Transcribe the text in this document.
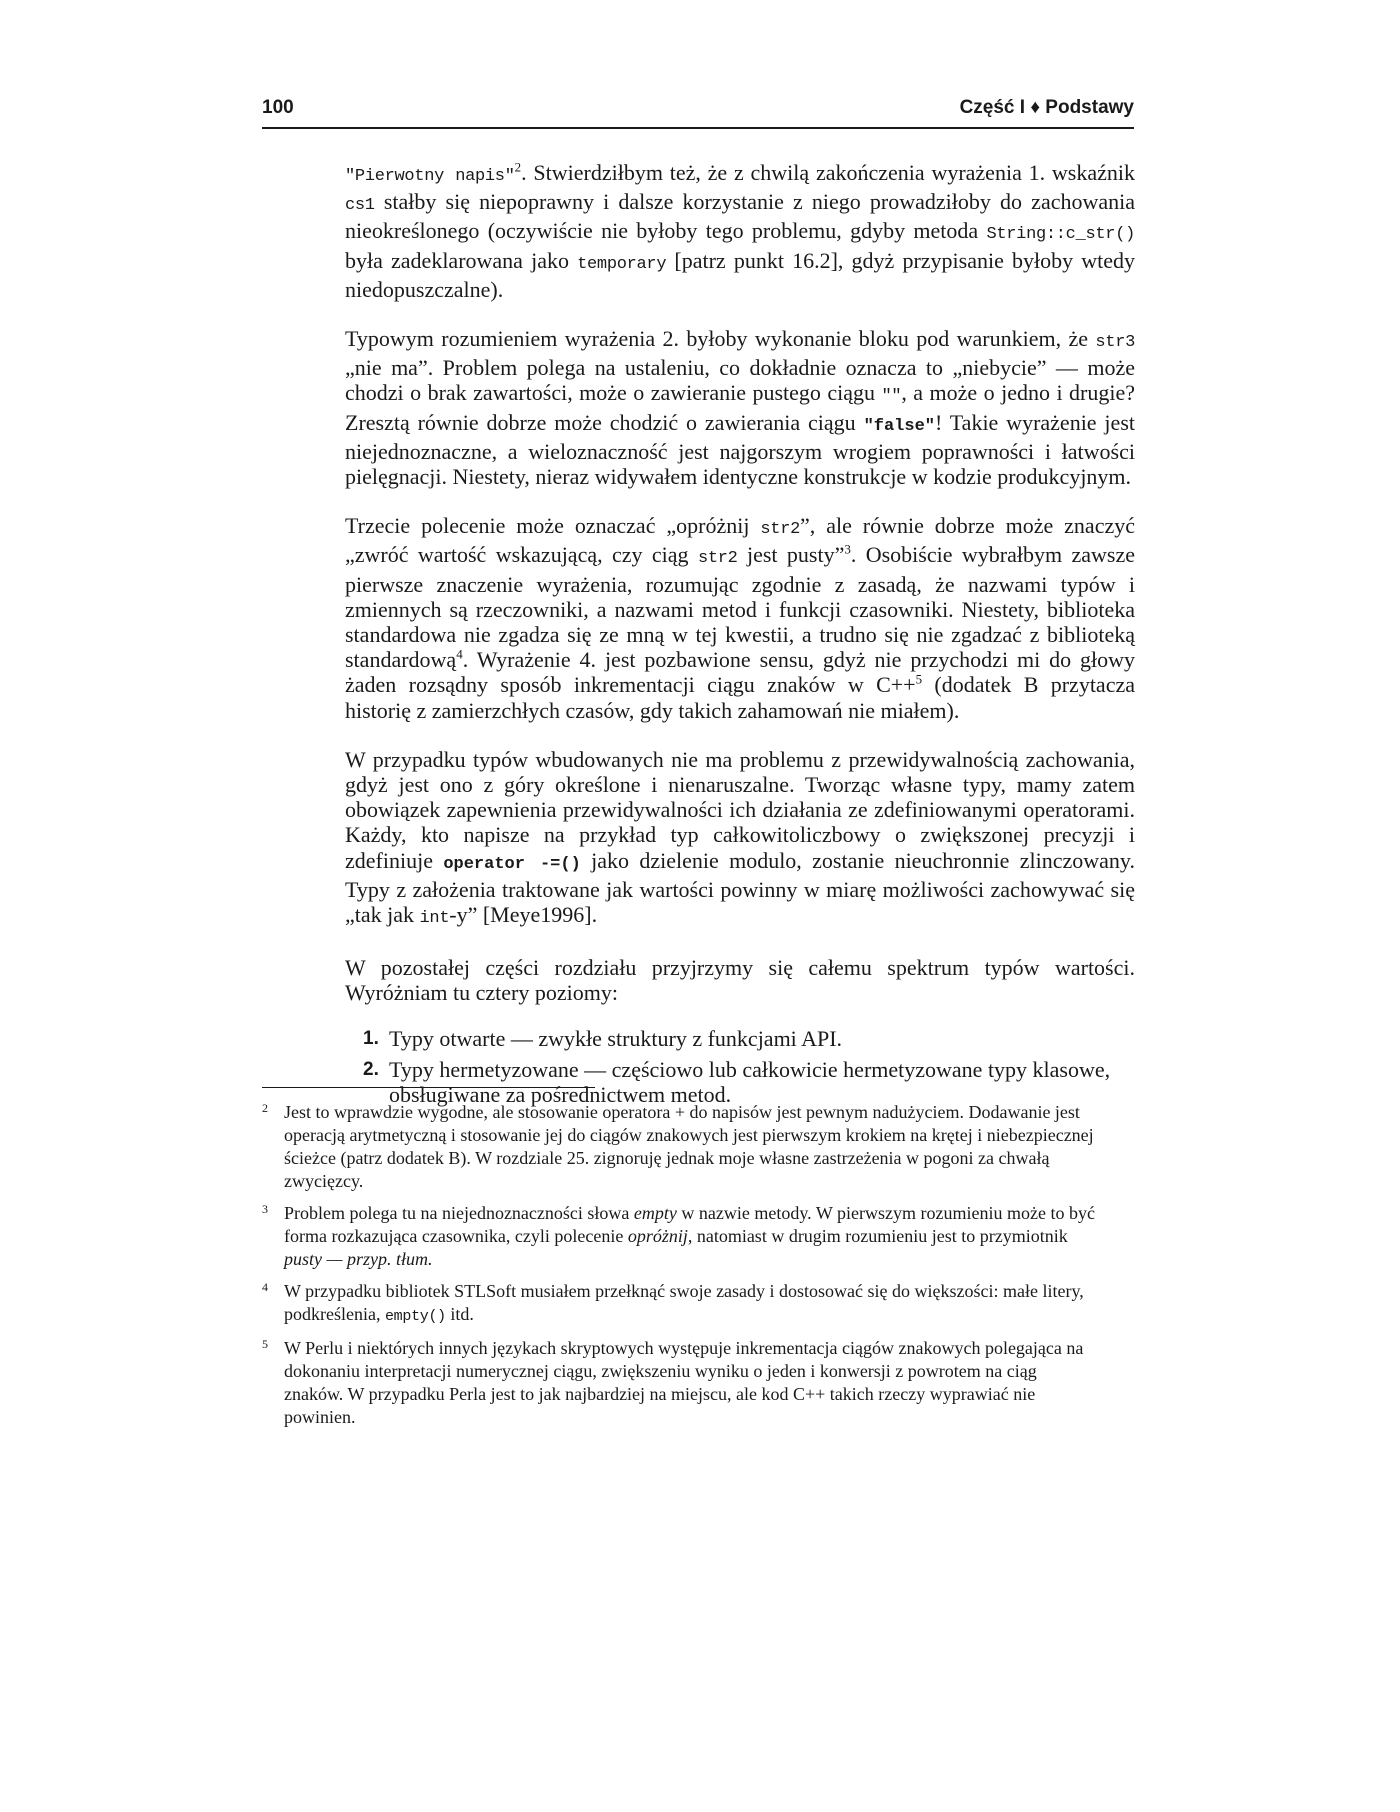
100	Część I ♦ Podstawy

"Pierwotny napis"$^2$. Stwierdziłbym też, że z chwilą zakończenia wyrażenia 1. wskaźnik cs1 stałby się niepoprawny i dalsze korzystanie z niego prowadziłoby do zachowania nieokreślonego (oczywiście nie byłoby tego problemu, gdyby metoda String::c_str() była zadeklarowana jako temporary [patrz punkt 16.2], gdyż przypisanie byłoby wtedy niedopuszczalne).

Typowym rozumieniem wyrażenia 2. byłoby wykonanie bloku pod warunkiem, że str3 „nie ma”. Problem polega na ustaleniu, co dokładnie oznacza to „niebycie” — może chodzi o brak zawartości, może o zawieranie pustego ciągu "", a może o jedno i drugie? Zresztą równie dobrze może chodzić o zawierania ciągu "false"! Takie wyrażenie jest niejednoznaczne, a wieloznaczność jest najgorszym wrogiem poprawności i łatwości pielęgnacji. Niestety, nieraz widywałem identyczne konstrukcje w kodzie produkcyjnym.

Trzecie polecenie może oznaczać „opróżnij str2”, ale równie dobrze może znaczyć „zwróć wartość wskazującą, czy ciąg str2 jest pusty”$^3$. Osobiście wybrałbym zawsze pierwsze znaczenie wyrażenia, rozumując zgodnie z zasadą, że nazwami typów i zmiennych są rzeczowniki, a nazwami metod i funkcji czasowniki. Niestety, biblioteka standardowa nie zgadza się ze mną w tej kwestii, a trudno się nie zgadzać z biblioteką standardową$^4$. Wyrażenie 4. jest pozbawione sensu, gdyż nie przychodzi mi do głowy żaden rozsądny sposób inkrementacji ciągu znaków w C++$^5$ (dodatek B przytacza historię z zamierzchłych czasów, gdy takich zahamowań nie miałem).

W przypadku typów wbudowanych nie ma problemu z przewidywalnością zachowania, gdyż jest ono z góry określone i nienaruszalne. Tworząc własne typy, mamy zatem obowiązek zapewnienia przewidywalności ich działania ze zdefiniowanymi operatorami. Każdy, kto napisze na przykład typ całkowitoliczbowy o zwiększonej precyzji i zdefiniuje operator -=() jako dzielenie modulo, zostanie nieuchronnie zlinczowany. Typy z założenia traktowane jak wartości powinny w miarę możliwości zachowywać się „tak jak int-y” [Meye1996].

W pozostałej części rozdziału przyjrzymy się całemu spektrum typów wartości. Wyróżniam tu cztery poziomy:

1. Typy otwarte — zwykłe struktury z funkcjami API.
2. Typy hermetyzowane — częściowo lub całkowicie hermetyzowane typy klasowe, obsługiwane za pośrednictwem metod.
2 Jest to wprawdzie wygodne, ale stosowanie operatora + do napisów jest pewnym nadużyciem. Dodawanie jest operacją arytmetyczną i stosowanie jej do ciągów znakowych jest pierwszym krokiem na krętej i niebezpiecznej ścieżce (patrz dodatek B). W rozdziale 25. zignoruję jednak moje własne zastrzeżenia w pogoni za chwałą zwycięzcy.
3 Problem polega tu na niejednoznaczności słowa empty w nazwie metody. W pierwszym rozumieniu może to być forma rozkazująca czasownika, czyli polecenie opróżnij, natomiast w drugim rozumieniu jest to przymiotnik pusty — przyp. tłum.
4 W przypadku bibliotek STLSoft musiałem przełknąć swoje zasady i dostosować się do większości: małe litery, podkreślenia, empty() itd.
5 W Perlu i niektórych innych językach skryptowych występuje inkrementacja ciągów znakowych polegająca na dokonaniu interpretacji numerycznej ciągu, zwiększeniu wyniku o jeden i konwersji z powrotem na ciąg znaków. W przypadku Perla jest to jak najbardziej na miejscu, ale kod C++ takich rzeczy wyprawiać nie powinien.
